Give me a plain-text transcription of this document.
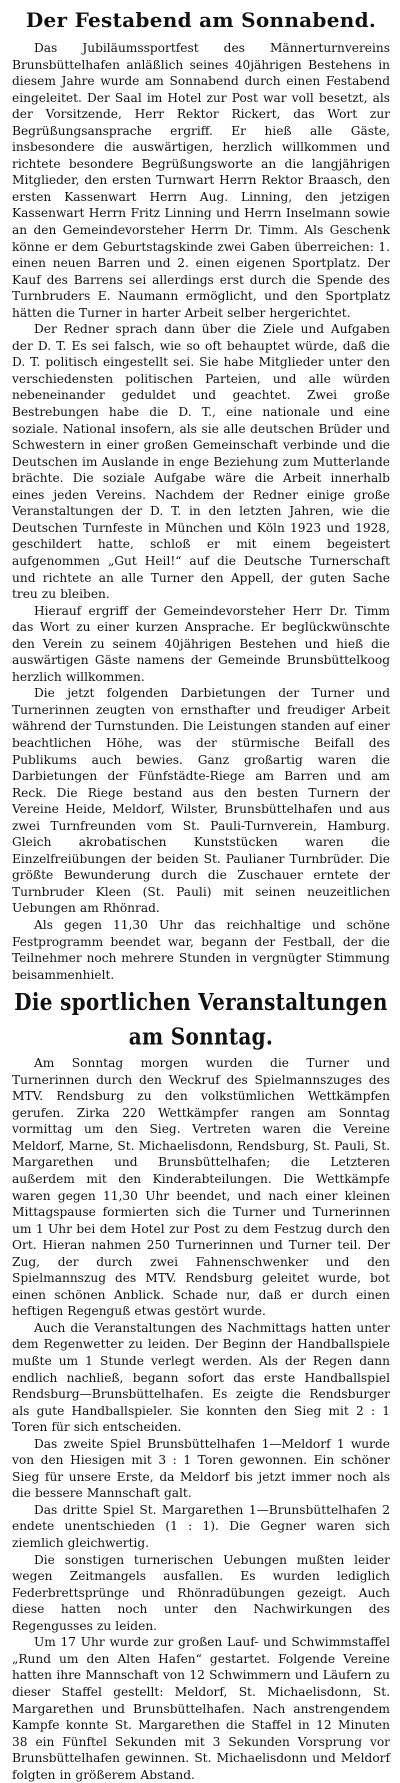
Der Festabend am Sonnabend.

Das Jubiläumssportfest des Männerturnvereins Brunsbüttelhafen anläßlich seines 40jährigen Bestehens in diesem Jahre wurde am Sonnabend durch einen Festabend eingeleitet. Der Saal im Hotel zur Post war voll besetzt, als der Vorsitzende, Herr Rektor Rickert, das Wort zur Begrüßungsansprache ergriff. Er hieß alle Gäste, insbesondere die auswärtigen, herzlich willkommen und richtete besondere Begrüßungsworte an die langjährigen Mitglieder, den ersten Turnwart Herrn Rektor Braasch, den ersten Kassenwart Herrn Aug. Linning, den jetzigen Kassenwart Herrn Fritz Linning und Herrn Inselmann sowie an den Gemeindevorsteher Herrn Dr. Timm. Als Geschenk könne er dem Geburtstagskinde zwei Gaben überreichen: 1. einen neuen Barren und 2. einen eigenen Sportplatz. Der Kauf des Barrens sei allerdings erst durch die Spende des Turnbruders E. Naumann ermöglicht, und den Sportplatz hätten die Turner in harter Arbeit selber hergerichtet.

Der Redner sprach dann über die Ziele und Aufgaben der D. T. Es sei falsch, wie so oft behauptet würde, daß die D. T. politisch eingestellt sei. Sie habe Mitglieder unter den verschiedensten politischen Parteien, und alle würden nebeneinander geduldet und geachtet. Zwei große Bestrebungen habe die D. T., eine nationale und eine soziale. National insofern, als sie alle deutschen Brüder und Schwestern in einer großen Gemeinschaft verbinde und die Deutschen im Auslande in enge Beziehung zum Mutterlande brächte. Die soziale Aufgabe wäre die Arbeit innerhalb eines jeden Vereins. Nachdem der Redner einige große Veranstaltungen der D. T. in den letzten Jahren, wie die Deutschen Turnfeste in München und Köln 1923 und 1928, geschildert hatte, schloß er mit einem begeistert aufgenommen „Gut Heil!“ auf die Deutsche Turnerschaft und richtete an alle Turner den Appell, der guten Sache treu zu bleiben.

Hierauf ergriff der Gemeindevorsteher Herr Dr. Timm das Wort zu einer kurzen Ansprache. Er beglückwünschte den Verein zu seinem 40jährigen Bestehen und hieß die auswärtigen Gäste namens der Gemeinde Brunsbüttelkoog herzlich willkommen.

Die jetzt folgenden Darbietungen der Turner und Turnerinnen zeugten von ernsthafter und freudiger Arbeit während der Turnstunden. Die Leistungen standen auf einer beachtlichen Höhe, was der stürmische Beifall des Publikums auch bewies. Ganz großartig waren die Darbietungen der Fünfstädte-Riege am Barren und am Reck. Die Riege bestand aus den besten Turnern der Vereine Heide, Meldorf, Wilster, Brunsbüttelhafen und aus zwei Turnfreunden vom St. Pauli-Turnverein, Hamburg. Gleich akrobatischen Kunststücken waren die Einzelfreiübungen der beiden St. Paulianer Turnbrüder. Die größte Bewunderung durch die Zuschauer erntete der Turnbruder Kleen (St. Pauli) mit seinen neuzeitlichen Uebungen am Rhönrad.

Als gegen 11,30 Uhr das reichhaltige und schöne Festprogramm beendet war, begann der Festball, der die Teilnehmer noch mehrere Stunden in vergnügter Stimmung beisammenhielt.

Die sportlichen Veranstaltungen am Sonntag.

Am Sonntag morgen wurden die Turner und Turnerinnen durch den Weckruf des Spielmannszuges des MTV. Rendsburg zu den volkstümlichen Wettkämpfen gerufen. Zirka 220 Wettkämpfer rangen am Sonntag vormittag um den Sieg. Vertreten waren die Vereine Meldorf, Marne, St. Michaelisdonn, Rendsburg, St. Pauli, St. Margarethen und Brunsbüttelhafen; die Letzteren außerdem mit den Kinderabteilungen. Die Wettkämpfe waren gegen 11,30 Uhr beendet, und nach einer kleinen Mittagspause formierten sich die Turner und Turnerinnen um 1 Uhr bei dem Hotel zur Post zu dem Festzug durch den Ort. Hieran nahmen 250 Turnerinnen und Turner teil. Der Zug, der durch zwei Fahnenschwenker und den Spielmannszug des MTV. Rendsburg geleitet wurde, bot einen schönen Anblick. Schade nur, daß er durch einen heftigen Regenguß etwas gestört wurde.

Auch die Veranstaltungen des Nachmittags hatten unter dem Regenwetter zu leiden. Der Beginn der Handballspiele mußte um 1 Stunde verlegt werden. Als der Regen dann endlich nachließ, begann sofort das erste Handballspiel Rendsburg—Brunsbüttelhafen. Es zeigte die Rendsburger als gute Handballspieler. Sie konnten den Sieg mit 2 : 1 Toren für sich entscheiden.

Das zweite Spiel Brunsbüttelhafen 1—Meldorf 1 wurde von den Hiesigen mit 3 : 1 Toren gewonnen. Ein schöner Sieg für unsere Erste, da Meldorf bis jetzt immer noch als die bessere Mannschaft galt.

Das dritte Spiel St. Margarethen 1—Brunsbüttelhafen 2 endete unentschieden (1 : 1). Die Gegner waren sich ziemlich gleichwertig.

Die sonstigen turnerischen Uebungen mußten leider wegen Zeitmangels ausfallen. Es wurden lediglich Federbrettsprünge und Rhönradübungen gezeigt. Auch diese hatten noch unter den Nachwirkungen des Regengusses zu leiden.

Um 17 Uhr wurde zur großen Lauf- und Schwimmstaffel „Rund um den Alten Hafen“ gestartet. Folgende Vereine hatten ihre Mannschaft von 12 Schwimmern und Läufern zu dieser Staffel gestellt: Meldorf, St. Michaelisdonn, St. Margarethen und Brunsbüttelhafen. Nach anstrengendem Kampfe konnte St. Margarethen die Staffel in 12 Minuten 38 ein Fünftel Sekunden mit 3 Sekunden Vorsprung vor Brunsbüttelhafen gewinnen. St. Michaelisdonn und Meldorf folgten in größerem Abstand.
